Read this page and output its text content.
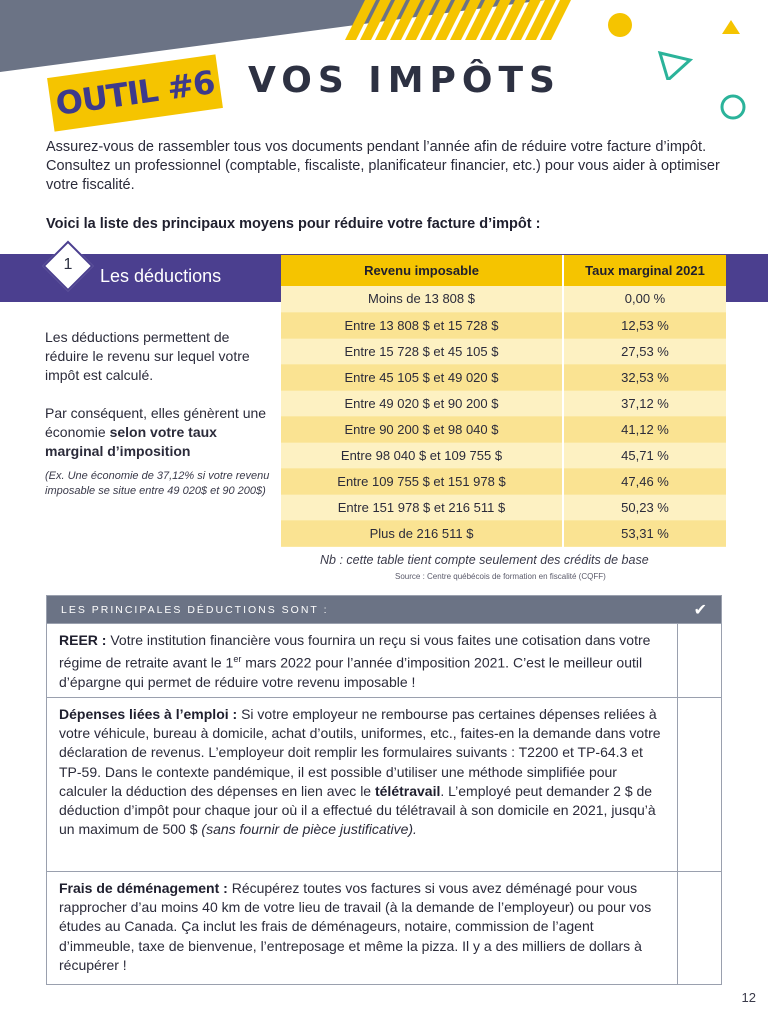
OUTIL #6 VOS IMPÔTS

Assurez-vous de rassembler tous vos documents pendant l’année afin de réduire votre facture d’impôt. Consultez un professionnel (comptable, fiscaliste, planificateur financier, etc.) pour vous aider à optimiser votre fiscalité.

Voici la liste des principaux moyens pour réduire votre facture d’impôt :

1
Les déductions	Revenu imposable	Taux marginal 2021
Moins de 13 808 $	0,00 %
Entre 13 808 $ et 15 728 $	12,53 %
Entre 15 728 $ et 45 105 $	27,53 %
Entre 45 105 $ et 49 020 $	32,53 %
Entre 49 020 $ et 90 200 $	37,12 %
Entre 90 200 $ et 98 040 $	41,12 %
Entre 98 040 $ et 109 755 $	45,71 %
Entre 109 755 $ et 151 978 $	47,46 %
Entre 151 978 $ et 216 511 $	50,23 %
Plus de 216 511 $	53,31 %
Nb : cette table tient compte seulement des crédits de base
Source : Centre québécois de formation en fiscalité (CQFF)

Les déductions permettent de réduire le revenu sur lequel votre impôt est calculé.

Par conséquent, elles génèrent une économie selon votre taux marginal d’imposition

(Ex. Une économie de 37,12% si votre revenu imposable se situe entre 49 020$ et 90 200$)
LES PRINCIPALES DÉDUCTIONS SONT :	✔
REER : Votre institution financière vous fournira un reçu si vous faites une cotisation dans votre régime de retraite avant le 1er mars 2022 pour l’année d’imposition 2021. C’est le meilleur outil d’épargne qui permet de réduire votre revenu imposable !
Dépenses liées à l’emploi : Si votre employeur ne rembourse pas certaines dépenses reliées à votre véhicule, bureau à domicile, achat d’outils, uniformes, etc., faites-en la demande dans votre déclaration de revenus. L’employeur doit remplir les formulaires suivants : T2200 et TP-64.3 et TP-59. Dans le contexte pandémique, il est possible d’utiliser une méthode simplifiée pour calculer la déduction des dépenses en lien avec le télétravail. L’employé peut demander 2 $ de déduction d’impôt pour chaque jour où il a effectué du télétravail à son domicile en 2021, jusqu’à un maximum de 500 $ (sans fournir de pièce justificative).
Frais de déménagement : Récupérez toutes vos factures si vous avez déménagé pour vous rapprocher d’au moins 40 km de votre lieu de travail (à la demande de l’employeur) ou pour vos études au Canada. Ça inclut les frais de déménageurs, notaire, commission de l’agent d’immeuble, taxe de bienvenue, l’entreposage et même la pizza. Il y a des milliers de dollars à récupérer !
12
